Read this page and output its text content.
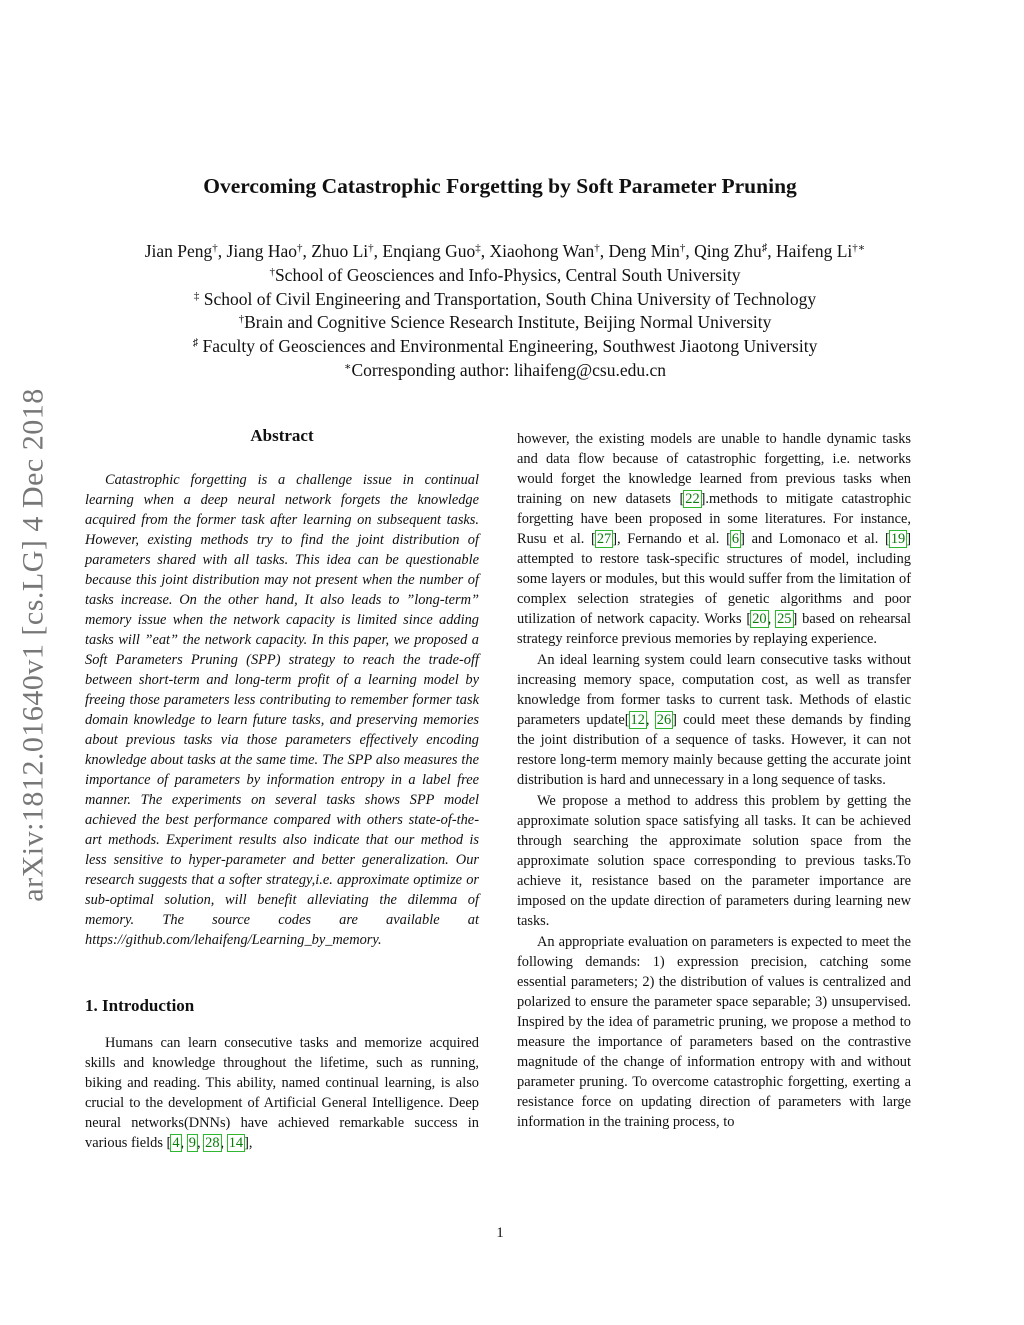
arXiv:1812.01640v1 [cs.LG] 4 Dec 2018
Overcoming Catastrophic Forgetting by Soft Parameter Pruning
Jian Peng†, Jiang Hao†, Zhuo Li†, Enqiang Guo‡, Xiaohong Wan†, Deng Min†, Qing Zhu♯, Haifeng Li†∗
†School of Geosciences and Info-Physics, Central South University
‡ School of Civil Engineering and Transportation, South China University of Technology
†Brain and Cognitive Science Research Institute, Beijing Normal University
♯ Faculty of Geosciences and Environmental Engineering, Southwest Jiaotong University
∗Corresponding author: lihaifeng@csu.edu.cn
Abstract

Catastrophic forgetting is a challenge issue in continual learning when a deep neural network forgets the knowledge acquired from the former task after learning on subsequent tasks. However, existing methods try to find the joint distribution of parameters shared with all tasks. This idea can be questionable because this joint distribution may not present when the number of tasks increase. On the other hand, It also leads to ”long-term” memory issue when the network capacity is limited since adding tasks will ”eat” the network capacity. In this paper, we proposed a Soft Parameters Pruning (SPP) strategy to reach the trade-off between short-term and long-term profit of a learning model by freeing those parameters less contributing to remember former task domain knowledge to learn future tasks, and preserving memories about previous tasks via those parameters effectively encoding knowledge about tasks at the same time. The SPP also measures the importance of parameters by information entropy in a label free manner. The experiments on several tasks shows SPP model achieved the best performance compared with others state-of-the-art methods. Experiment results also indicate that our method is less sensitive to hyper-parameter and better generalization. Our research suggests that a softer strategy,i.e. approximate optimize or sub-optimal solution, will benefit alleviating the dilemma of memory. The source codes are available at https://github.com/lehaifeng/Learning_by_memory.

1. Introduction

Humans can learn consecutive tasks and memorize acquired skills and knowledge throughout the lifetime, such as running, biking and reading. This ability, named continual learning, is also crucial to the development of Artificial General Intelligence. Deep neural networks(DNNs) have achieved remarkable success in various fields [4, 9, 28, 14],

however, the existing models are unable to handle dynamic tasks and data flow because of catastrophic forgetting, i.e. networks would forget the knowledge learned from previous tasks when training on new datasets [22].methods to mitigate catastrophic forgetting have been proposed in some literatures. For instance, Rusu et al. [27], Fernando et al. [6] and Lomonaco et al. [19] attempted to restore task-specific structures of model, including some layers or modules, but this would suffer from the limitation of complex selection strategies of genetic algorithms and poor utilization of network capacity. Works [20, 25] based on rehearsal strategy reinforce previous memories by replaying experience.

An ideal learning system could learn consecutive tasks without increasing memory space, computation cost, as well as transfer knowledge from former tasks to current task. Methods of elastic parameters update[12, 26] could meet these demands by finding the joint distribution of a sequence of tasks. However, it can not restore long-term memory mainly because getting the accurate joint distribution is hard and unnecessary in a long sequence of tasks.

We propose a method to address this problem by getting the approximate solution space satisfying all tasks. It can be achieved through searching the approximate solution space from the approximate solution space corresponding to previous tasks.To achieve it, resistance based on the parameter importance are imposed on the update direction of parameters during learning new tasks.

An appropriate evaluation on parameters is expected to meet the following demands: 1) expression precision, catching some essential parameters; 2) the distribution of values is centralized and polarized to ensure the parameter space separable; 3) unsupervised. Inspired by the idea of parametric pruning, we propose a method to measure the importance of parameters based on the contrastive magnitude of the change of information entropy with and without parameter pruning. To overcome catastrophic forgetting, exerting a resistance force on updating direction of parameters with large information in the training process, to

1
